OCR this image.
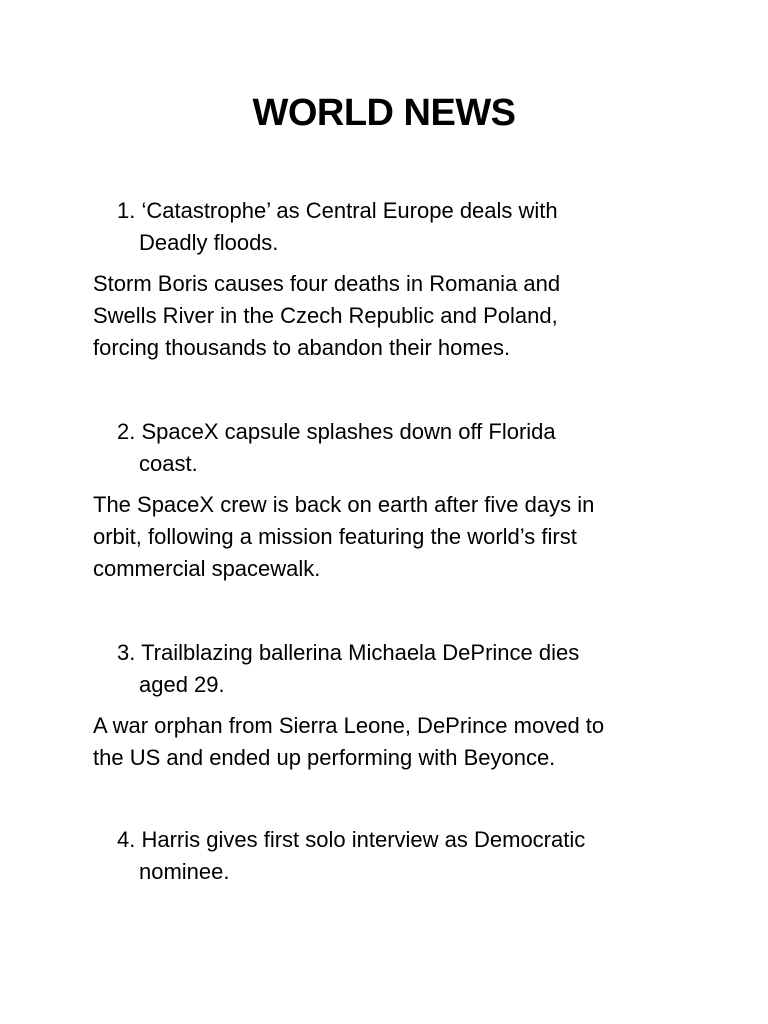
WORLD NEWS
1. ‘Catastrophe’ as Central Europe deals with
Deadly floods.
Storm Boris causes four deaths in Romania and
Swells River in the Czech Republic and Poland,
forcing thousands to abandon their homes.
2. SpaceX capsule splashes down off Florida
coast.
The SpaceX crew is back on earth after five days in
orbit, following a mission featuring the world’s first
commercial spacewalk.
3. Trailblazing ballerina Michaela DePrince dies
aged 29.
A war orphan from Sierra Leone, DePrince moved to
the US and ended up performing with Beyonce.
4. Harris gives first solo interview as Democratic
nominee.
